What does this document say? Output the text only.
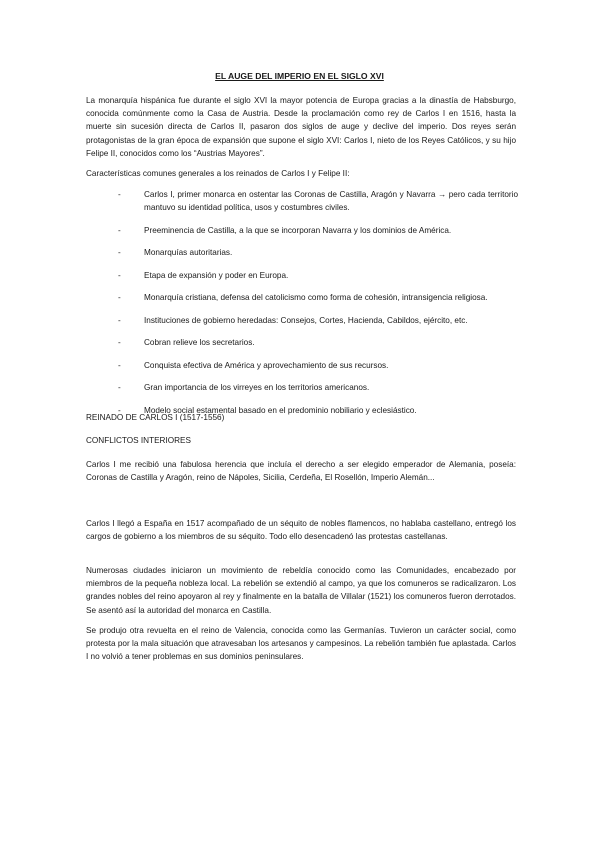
EL AUGE DEL IMPERIO EN EL SIGLO XVI

La monarquía hispánica fue durante el siglo XVI la mayor potencia de Europa gracias a la dinastía de Habsburgo, conocida comúnmente como la Casa de Austria. Desde la proclamación como rey de Carlos I en 1516, hasta la muerte sin sucesión directa de Carlos II, pasaron dos siglos de auge y declive del imperio. Dos reyes serán protagonistas de la gran época de expansión que supone el siglo XVI: Carlos I, nieto de los Reyes Católicos, y su hijo Felipe II, conocidos como los “Austrias Mayores”.

Características comunes generales a los reinados de Carlos I y Felipe II:

-	Carlos I, primer monarca en ostentar las Coronas de Castilla, Aragón y Navarra → pero cada territorio mantuvo su identidad política, usos y costumbres civiles.
-	Preeminencia de Castilla, a la que se incorporan Navarra y los dominios de América.
-	Monarquías autoritarias.
-	Etapa de expansión y poder en Europa.
-	Monarquía cristiana, defensa del catolicismo como forma de cohesión, intransigencia religiosa.
-	Instituciones de gobierno heredadas: Consejos, Cortes, Hacienda, Cabildos, ejército, etc.
-	Cobran relieve los secretarios.
-	Conquista efectiva de América y aprovechamiento de sus recursos.
-	Gran importancia de los virreyes en los territorios americanos.
-	Modelo social estamental basado en el predominio nobiliario y eclesiástico.

REINADO DE CARLOS I (1517-1556)

CONFLICTOS INTERIORES

Carlos I me recibió una fabulosa herencia que incluía el derecho a ser elegido emperador de Alemania, poseía: Coronas de Castilla y Aragón, reino de Nápoles, Sicilia, Cerdeña, El Rosellón, Imperio Alemán...

Carlos I llegó a España en 1517 acompañado de un séquito de nobles flamencos, no hablaba castellano, entregó los cargos de gobierno a los miembros de su séquito. Todo ello desencadenó las protestas castellanas.

Numerosas ciudades iniciaron un movimiento de rebeldía conocido como las Comunidades, encabezado por miembros de la pequeña nobleza local. La rebelión se extendió al campo, ya que los comuneros se radicalizaron. Los grandes nobles del reino apoyaron al rey y finalmente en la batalla de Villalar (1521) los comuneros fueron derrotados. Se asentó así la autoridad del monarca en Castilla.

Se produjo otra revuelta en el reino de Valencia, conocida como las Germanías. Tuvieron un carácter social, como protesta por la mala situación que atravesaban los artesanos y campesinos. La rebelión también fue aplastada. Carlos I no volvió a tener problemas en sus dominios peninsulares.
